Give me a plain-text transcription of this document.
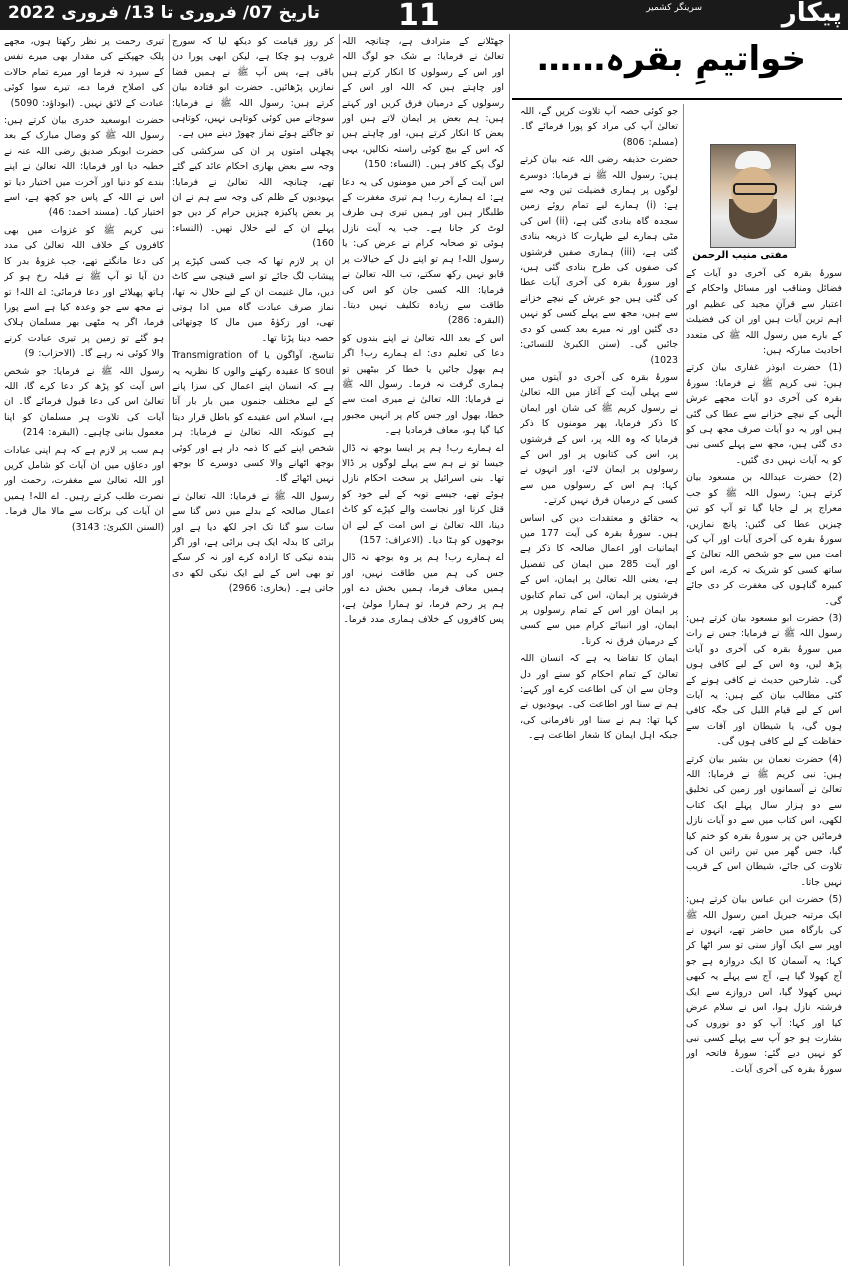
تاریخ 07/ فروری تا 13/ فروری 2022	11	پیکار
سرینگر کشمیر
خواتیمِ بقرہ……
مفتی منیب الرحمن

سورۂ بقرہ کی آخری دو آیات کے فضائل ومناقب اور مسائل واحکام کے اعتبار سے قرآنِ مجید کی عظیم اور اہم ترین آیات ہیں اور ان کی فضیلت کے بارے میں رسول اللہ ﷺ کی متعدد احادیث مبارکہ ہیں:

(1) حضرت ابوذر غفاری بیان کرتے ہیں: نبی کریم ﷺ نے فرمایا: سورۂ بقرہ کی آخری دو آیات مجھے عرش الٰہی کے نیچے خزانے سے عطا کی گئی ہیں اور یہ دو آیات صرف مجھ ہی کو دی گئی ہیں، مجھ سے پہلے کسی نبی کو یہ آیات نہیں دی گئیں۔

(2) حضرت عبداللہ بن مسعود بیان کرتے ہیں: رسول اللہ ﷺ کو جب معراج پر لے جایا گیا تو آپ کو تین چیزیں عطا کی گئیں: پانچ نمازیں، سورۂ بقرہ کی آخری آیات اور آپ کی امت میں سے جو شخص اللہ تعالیٰ کے ساتھ کسی کو شریک نہ کرے، اس کے کبیرہ گناہوں کی مغفرت کر دی جائے گی۔

(3) حضرت ابو مسعود بیان کرتے ہیں: رسول اللہ ﷺ نے فرمایا: جس نے رات میں سورۂ بقرہ کی آخری دو آیات پڑھ لیں، وہ اس کے لیے کافی ہوں گی۔ شارحین حدیث نے کافی ہونے کے کئی مطالب بیان کیے ہیں: یہ آیات اس کے لیے قیام اللیل کی جگہ کافی ہوں گی، یا شیطان اور آفات سے حفاظت کے لیے کافی ہوں گی۔

(4) حضرت نعمان بن بشیر بیان کرتے ہیں: نبی کریم ﷺ نے فرمایا: اللہ تعالیٰ نے آسمانوں اور زمین کی تخلیق سے دو ہزار سال پہلے ایک کتاب لکھی، اس کتاب میں سے دو آیات نازل فرمائیں جن پر سورۂ بقرہ کو ختم کیا گیا، جس گھر میں تین راتیں ان کی تلاوت کی جائے، شیطان اس کے قریب نہیں جاتا۔

(5) حضرت ابن عباس بیان کرتے ہیں: ایک مرتبہ جبریل امین رسول اللہ ﷺ کی بارگاہ میں حاضر تھے، انہوں نے اوپر سے ایک آواز سنی تو سر اٹھا کر کہا: یہ آسمان کا ایک دروازہ ہے جو آج کھولا گیا ہے، آج سے پہلے یہ کبھی نہیں کھولا گیا، اس دروازے سے ایک فرشتہ نازل ہوا، اس نے سلام عرض کیا اور کہا: آپ کو دو نوروں کی بشارت ہو جو آپ سے پہلے کسی نبی کو نہیں دیے گئے: سورۂ فاتحہ اور سورۂ بقرہ کی آخری آیات۔

جو کوئی حصہ آپ تلاوت کریں گے، اللہ تعالیٰ آپ کی مراد کو پورا فرمائے گا۔ (مسلم: 806)

حضرت حذیفہ رضی اللہ عنہ بیان کرتے ہیں: رسول اللہ ﷺ نے فرمایا: دوسرے لوگوں پر ہماری فضیلت تین وجہ سے ہے: (i) ہمارے لیے تمام روئے زمین سجدہ گاہ بنادی گئی ہے، (ii) اس کی مٹی ہمارے لیے طہارت کا ذریعہ بنادی گئی ہے، (iii) ہماری صفیں فرشتوں کی صفوں کی طرح بنادی گئی ہیں، اور سورۂ بقرہ کی آخری آیات عطا کی گئی ہیں جو عرش کے نیچے خزانے سے ہیں، مجھ سے پہلے کسی کو نہیں دی گئیں اور نہ میرے بعد کسی کو دی جائیں گی۔ (سنن الکبریٰ للنسائی: 1023)

سورۂ بقرہ کی آخری دو آیتوں میں سے پہلی آیت کے آغاز میں اللہ تعالیٰ نے رسول کریم ﷺ کی شان اور ایمان کا ذکر فرمایا، پھر مومنوں کا ذکر فرمایا کہ وہ اللہ پر، اس کے فرشتوں پر، اس کی کتابوں پر اور اس کے رسولوں پر ایمان لائے، اور انہوں نے کہا: ہم اس کے رسولوں میں سے کسی کے درمیان فرق نہیں کرتے۔

یہ حقائق و معتقدات دین کی اساس ہیں۔ سورۂ بقرہ کی آیت 177 میں ایمانیات اور اعمال صالحہ کا ذکر ہے اور آیت 285 میں ایمان کی تفصیل ہے، یعنی اللہ تعالیٰ پر ایمان، اس کے فرشتوں پر ایمان، اس کی تمام کتابوں پر ایمان اور اس کے تمام رسولوں پر ایمان، اور انبیائے کرام میں سے کسی کے درمیان فرق نہ کرنا۔

ایمان کا تقاضا یہ ہے کہ انسان اللہ تعالیٰ کے تمام احکام کو سنے اور دل وجان سے ان کی اطاعت کرے اور کہے: ہم نے سنا اور اطاعت کی۔ یہودیوں نے کہا تھا: ہم نے سنا اور نافرمانی کی، جبکہ اہل ایمان کا شعار اطاعت ہے۔

جھٹلانے کے مترادف ہے، چنانچہ اللہ تعالیٰ نے فرمایا: بے شک جو لوگ اللہ اور اس کے رسولوں کا انکار کرتے ہیں اور چاہتے ہیں کہ اللہ اور اس کے رسولوں کے درمیان فرق کریں اور کہتے ہیں: ہم بعض پر ایمان لاتے ہیں اور بعض کا انکار کرتے ہیں، اور چاہتے ہیں کہ اس کے بیچ کوئی راستہ نکالیں، یہی لوگ پکے کافر ہیں۔ (النساء: 150)

اس آیت کے آخر میں مومنوں کی یہ دعا ہے: اے ہمارے رب! ہم تیری مغفرت کے طلبگار ہیں اور ہمیں تیری ہی طرف لوٹ کر جانا ہے۔ جب یہ آیت نازل ہوئی تو صحابہ کرام نے عرض کی: یا رسول اللہ! ہم تو اپنے دل کے خیالات پر قابو نہیں رکھ سکتے، تب اللہ تعالیٰ نے فرمایا: اللہ کسی جان کو اس کی طاقت سے زیادہ تکلیف نہیں دیتا۔ (البقرہ: 286)

اس کے بعد اللہ تعالیٰ نے اپنے بندوں کو دعا کی تعلیم دی: اے ہمارے رب! اگر ہم بھول جائیں یا خطا کر بیٹھیں تو ہماری گرفت نہ فرما۔ رسول اللہ ﷺ نے فرمایا: اللہ تعالیٰ نے میری امت سے خطا، بھول اور جس کام پر انہیں مجبور کیا گیا ہو، معاف فرمادیا ہے۔

اے ہمارے رب! ہم پر ایسا بوجھ نہ ڈال جیسا تو نے ہم سے پہلے لوگوں پر ڈالا تھا۔ بنی اسرائیل پر سخت احکام نازل ہوئے تھے، جیسے توبہ کے لیے خود کو قتل کرنا اور نجاست والے کپڑے کو کاٹ دینا، اللہ تعالیٰ نے اس امت کے لیے ان بوجھوں کو ہٹا دیا۔ (الاعراف: 157)

اے ہمارے رب! ہم پر وہ بوجھ نہ ڈال جس کی ہم میں طاقت نہیں، اور ہمیں معاف فرما، ہمیں بخش دے اور ہم پر رحم فرما، تو ہمارا مولیٰ ہے، پس کافروں کے خلاف ہماری مدد فرما۔

کر روز قیامت کو دیکھ لیا کہ سورج غروب ہو چکا ہے، لیکن ابھی پورا دن باقی ہے، پس آپ ﷺ نے ہمیں قضا نمازیں پڑھائیں۔ حضرت ابو قتادہ بیان کرتے ہیں: رسول اللہ ﷺ نے فرمایا: سوجانے میں کوئی کوتاہی نہیں، کوتاہی تو جاگتے ہوئے نماز چھوڑ دینے میں ہے۔

پچھلی امتوں پر ان کی سرکشی کی وجہ سے بعض بھاری احکام عائد کیے گئے تھے، چنانچہ اللہ تعالیٰ نے فرمایا: یہودیوں کے ظلم کی وجہ سے ہم نے ان پر بعض پاکیزہ چیزیں حرام کر دیں جو پہلے ان کے لیے حلال تھیں۔ (النساء: 160)

ان پر لازم تھا کہ جب کسی کپڑے پر پیشاب لگ جائے تو اسے قینچی سے کاٹ دیں، مال غنیمت ان کے لیے حلال نہ تھا، نماز صرف عبادت گاہ میں ادا ہوتی تھی، اور زکوٰۃ میں مال کا چوتھائی حصہ دینا پڑتا تھا۔

تناسخ، آواگون یا Transmigration of soul کا عقیدہ رکھنے والوں کا نظریہ یہ ہے کہ انسان اپنے اعمال کی سزا پانے کے لیے مختلف جنموں میں بار بار آتا ہے، اسلام اس عقیدے کو باطل قرار دیتا ہے کیونکہ اللہ تعالیٰ نے فرمایا: ہر شخص اپنے کیے کا ذمہ دار ہے اور کوئی بوجھ اٹھانے والا کسی دوسرے کا بوجھ نہیں اٹھائے گا۔

رسول اللہ ﷺ نے فرمایا: اللہ تعالیٰ نے اعمال صالحہ کے بدلے میں دس گنا سے سات سو گنا تک اجر لکھ دیا ہے اور برائی کا بدلہ ایک ہی برائی ہے، اور اگر بندہ نیکی کا ارادہ کرے اور نہ کر سکے تو بھی اس کے لیے ایک نیکی لکھ دی جاتی ہے۔ (بخاری: 2966)

تیری رحمت پر نظر رکھتا ہوں، مجھے پلک جھپکنے کی مقدار بھی میرے نفس کے سپرد نہ فرما اور میرے تمام حالات کی اصلاح فرما دے، تیرے سوا کوئی عبادت کے لائق نہیں۔ (ابوداؤد: 5090)

حضرت ابوسعید خدری بیان کرتے ہیں: رسول اللہ ﷺ کو وصال مبارک کے بعد حضرت ابوبکر صدیق رضی اللہ عنہ نے خطبہ دیا اور فرمایا: اللہ تعالیٰ نے اپنے بندے کو دنیا اور آخرت میں اختیار دیا تو اس نے اللہ کے پاس جو کچھ ہے، اسے اختیار کیا۔ (مسند احمد: 46)

نبی کریم ﷺ کو غزوات میں بھی کافروں کے خلاف اللہ تعالیٰ کی مدد کی دعا مانگتے تھے، جب غزوۂ بدر کا دن آیا تو آپ ﷺ نے قبلہ رخ ہو کر ہاتھ پھیلائے اور دعا فرمائی: اے اللہ! تو نے مجھ سے جو وعدہ کیا ہے اسے پورا فرما، اگر یہ مٹھی بھر مسلمان ہلاک ہو گئے تو زمین پر تیری عبادت کرنے والا کوئی نہ رہے گا۔ (الاحزاب: 9)

رسول اللہ ﷺ نے فرمایا: جو شخص اس آیت کو پڑھ کر دعا کرے گا، اللہ تعالیٰ اس کی دعا قبول فرمائے گا۔ ان آیات کی تلاوت ہر مسلمان کو اپنا معمول بنانی چاہیے۔ (البقرہ: 214)

ہم سب پر لازم ہے کہ ہم اپنی عبادات اور دعاؤں میں ان آیات کو شامل کریں اور اللہ تعالیٰ سے مغفرت، رحمت اور نصرت طلب کرتے رہیں۔ اے اللہ! ہمیں ان آیات کی برکات سے مالا مال فرما۔ (السنن الکبریٰ: 3143)
